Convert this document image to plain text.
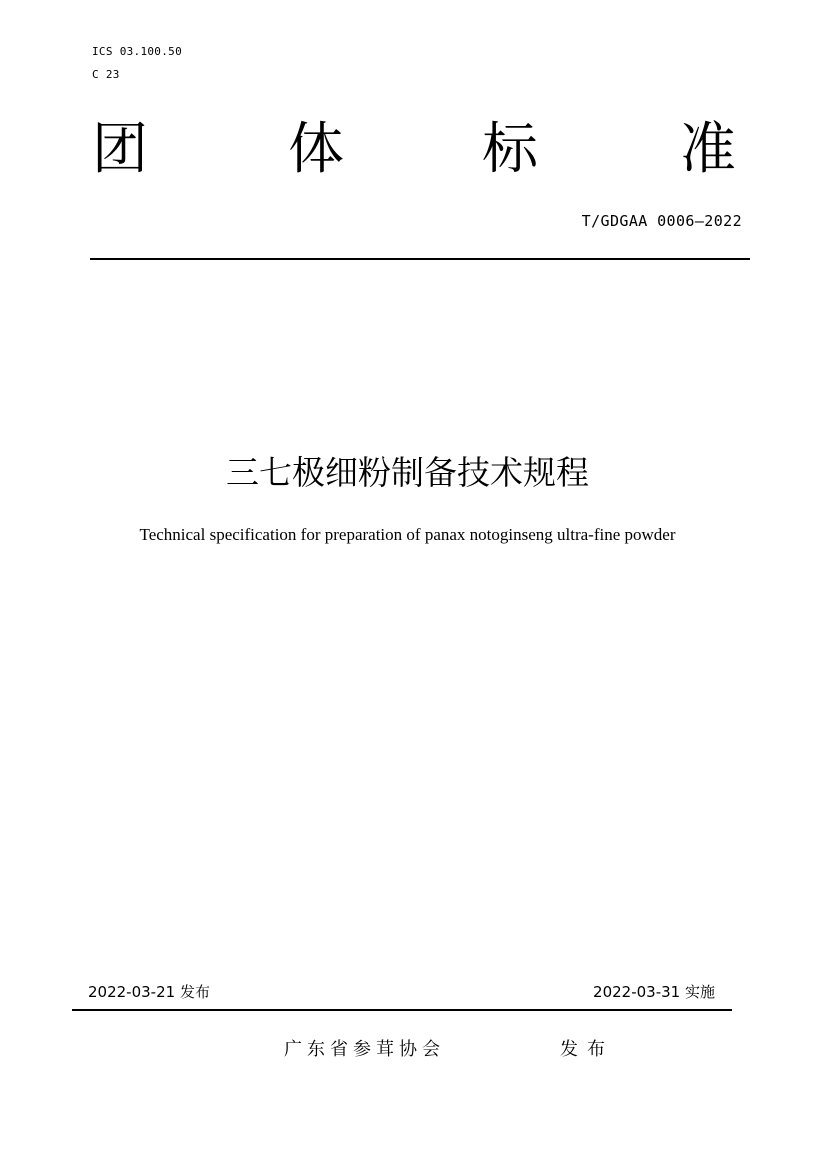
ICS 03.100.50
C 23
团	体 标	准
T/GDGAA 0006—2022
三七极细粉制备技术规程
Technical specification for preparation of panax notoginseng ultra-fine powder
2022-03-21 发布	2022-03-31 实施
广东省参茸协会	发布
